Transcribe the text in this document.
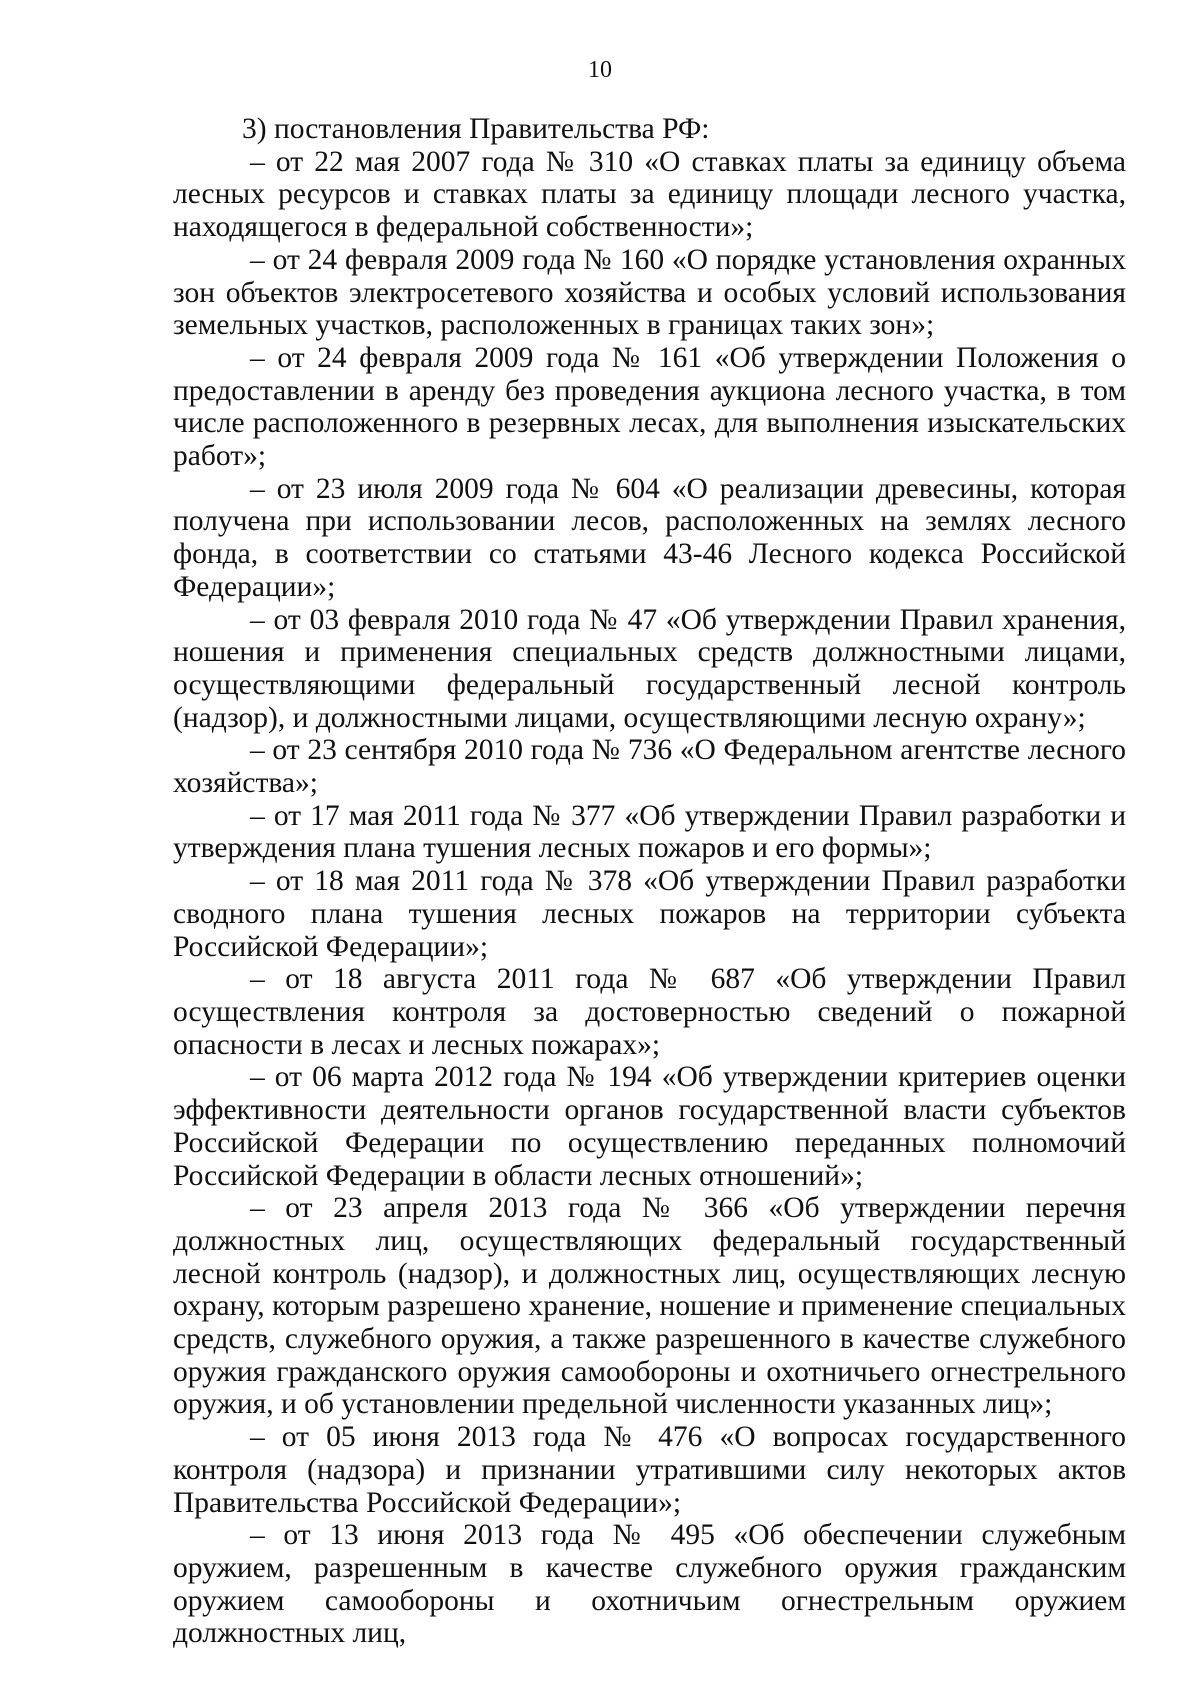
10

3) постановления Правительства РФ:

– от 22 мая 2007 года № 310 «О ставках платы за единицу объема лесных ресурсов и ставках платы за единицу площади лесного участка, находящегося в федеральной собственности»;

– от 24 февраля 2009 года № 160 «О порядке установления охранных зон объектов электросетевого хозяйства и особых условий использования земельных участков, расположенных в границах таких зон»;

– от 24 февраля 2009 года № 161 «Об утверждении Положения о предоставлении в аренду без проведения аукциона лесного участка, в том числе расположенного в резервных лесах, для выполнения изыскательских работ»;

– от 23 июля 2009 года № 604 «О реализации древесины, которая получена при использовании лесов, расположенных на землях лесного фонда, в соответствии со статьями 43-46 Лесного кодекса Российской Федерации»;

– от 03 февраля 2010 года № 47 «Об утверждении Правил хранения, ношения и применения специальных средств должностными лицами, осуществляющими федеральный государственный лесной контроль (надзор), и должностными лицами, осуществляющими лесную охрану»;

– от 23 сентября 2010 года № 736 «О Федеральном агентстве лесного хозяйства»;

– от 17 мая 2011 года № 377 «Об утверждении Правил разработки и утверждения плана тушения лесных пожаров и его формы»;

– от 18 мая 2011 года № 378 «Об утверждении Правил разработки сводного плана тушения лесных пожаров на территории субъекта Российской Федерации»;

– от 18 августа 2011 года № 687 «Об утверждении Правил осуществления контроля за достоверностью сведений о пожарной опасности в лесах и лесных пожарах»;

– от 06 марта 2012 года № 194 «Об утверждении критериев оценки эффективности деятельности органов государственной власти субъектов Российской Федерации по осуществлению переданных полномочий Российской Федерации в области лесных отношений»;

– от 23 апреля 2013 года № 366 «Об утверждении перечня должностных лиц, осуществляющих федеральный государственный лесной контроль (надзор), и должностных лиц, осуществляющих лесную охрану, которым разрешено хранение, ношение и применение специальных средств, служебного оружия, а также разрешенного в качестве служебного оружия гражданского оружия самообороны и охотничьего огнестрельного оружия, и об установлении предельной численности указанных лиц»;

– от 05 июня 2013 года № 476 «О вопросах государственного контроля (надзора) и признании утратившими силу некоторых актов Правительства Российской Федерации»;

– от 13 июня 2013 года № 495 «Об обеспечении служебным оружием, разрешенным в качестве служебного оружия гражданским оружием самообороны и охотничьим огнестрельным оружием должностных лиц,
